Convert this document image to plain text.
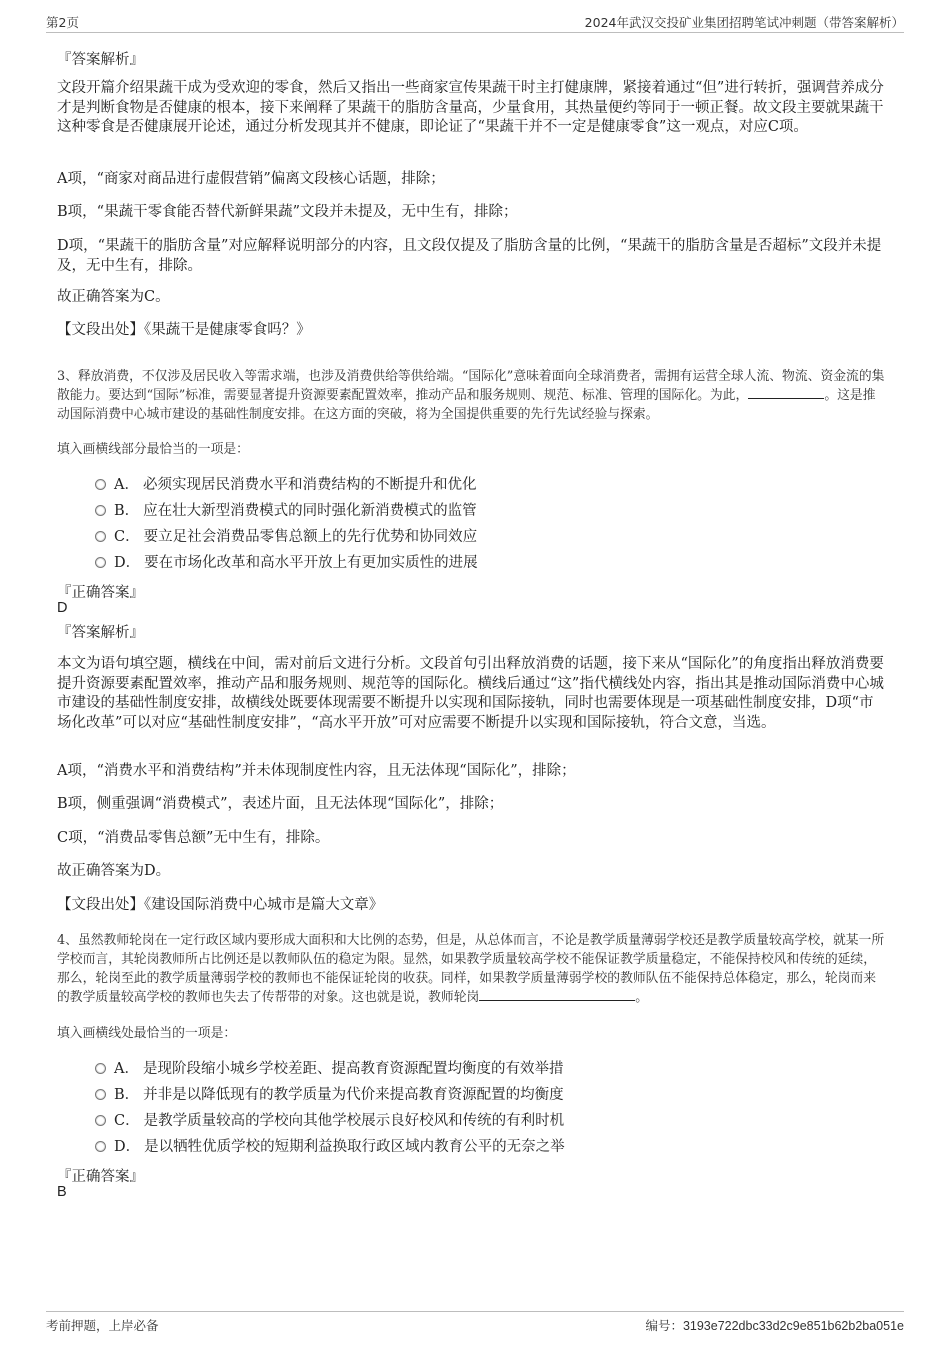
第2页	2024年武汉交投矿业集团招聘笔试冲刺题（带答案解析）
『答案解析』
文段开篇介绍果蔬干成为受欢迎的零食，然后又指出一些商家宣传果蔬干时主打健康牌，紧接着通过“但”进行转折，强调营养成分才是判断食物是否健康的根本，接下来阐释了果蔬干的脂肪含量高，少量食用，其热量便约等同于一顿正餐。故文段主要就果蔬干这种零食是否健康展开论述，通过分析发现其并不健康，即论证了“果蔬干并不一定是健康零食”这一观点，对应C项。
A项，“商家对商品进行虚假营销”偏离文段核心话题，排除；
B项，“果蔬干零食能否替代新鲜果蔬”文段并未提及，无中生有，排除；
D项，“果蔬干的脂肪含量”对应解释说明部分的内容，且文段仅提及了脂肪含量的比例，“果蔬干的脂肪含量是否超标”文段并未提及，无中生有，排除。
故正确答案为C。
【文段出处】《果蔬干是健康零食吗？》
3、释放消费，不仅涉及居民收入等需求端，也涉及消费供给等供给端。“国际化”意味着面向全球消费者，需拥有运营全球人流、物流、资金流的集散能力。要达到“国际”标准，需要显著提升资源要素配置效率，推动产品和服务规则、规范、标准、管理的国际化。为此，	。这是推动国际消费中心城市建设的基础性制度安排。在这方面的突破，将为全国提供重要的先行先试经验与探索。
填入画横线部分最恰当的一项是：
A． 必须实现居民消费水平和消费结构的不断提升和优化
B． 应在壮大新型消费模式的同时强化新消费模式的监管
C． 要立足社会消费品零售总额上的先行优势和协同效应
D． 要在市场化改革和高水平开放上有更加实质性的进展
『正确答案』
D
『答案解析』
本文为语句填空题，横线在中间，需对前后文进行分析。文段首句引出释放消费的话题，接下来从“国际化”的角度指出释放消费要提升资源要素配置效率，推动产品和服务规则、规范等的国际化。横线后通过“这”指代横线处内容，指出其是推动国际消费中心城市建设的基础性制度安排，故横线处既要体现需要不断提升以实现和国际接轨，同时也需要体现是一项基础性制度安排，D项“市场化改革”可以对应“基础性制度安排”，“高水平开放”可对应需要不断提升以实现和国际接轨，符合文意，当选。
A项，“消费水平和消费结构”并未体现制度性内容，且无法体现“国际化”，排除；
B项，侧重强调“消费模式”，表述片面，且无法体现“国际化”，排除；
C项，“消费品零售总额”无中生有，排除。
故正确答案为D。
【文段出处】《建设国际消费中心城市是篇大文章》
4、虽然教师轮岗在一定行政区域内要形成大面积和大比例的态势，但是，从总体而言，不论是教学质量薄弱学校还是教学质量较高学校，就某一所学校而言，其轮岗教师所占比例还是以教师队伍的稳定为限。显然，如果教学质量较高学校不能保证教学质量稳定，不能保持校风和传统的延续，那么，轮岗至此的教学质量薄弱学校的教师也不能保证轮岗的收获。同样，如果教学质量薄弱学校的教师队伍不能保持总体稳定，那么，轮岗而来的教学质量较高学校的教师也失去了传帮带的对象。这也就是说，教师轮岗	。
填入画横线处最恰当的一项是：
A． 是现阶段缩小城乡学校差距、提高教育资源配置均衡度的有效举措
B． 并非是以降低现有的教学质量为代价来提高教育资源配置的均衡度
C． 是教学质量较高的学校向其他学校展示良好校风和传统的有利时机
D． 是以牺牲优质学校的短期利益换取行政区域内教育公平的无奈之举
『正确答案』
B
考前押题，上岸必备	编号：3193e722dbc33d2c9e851b62b2ba051e
